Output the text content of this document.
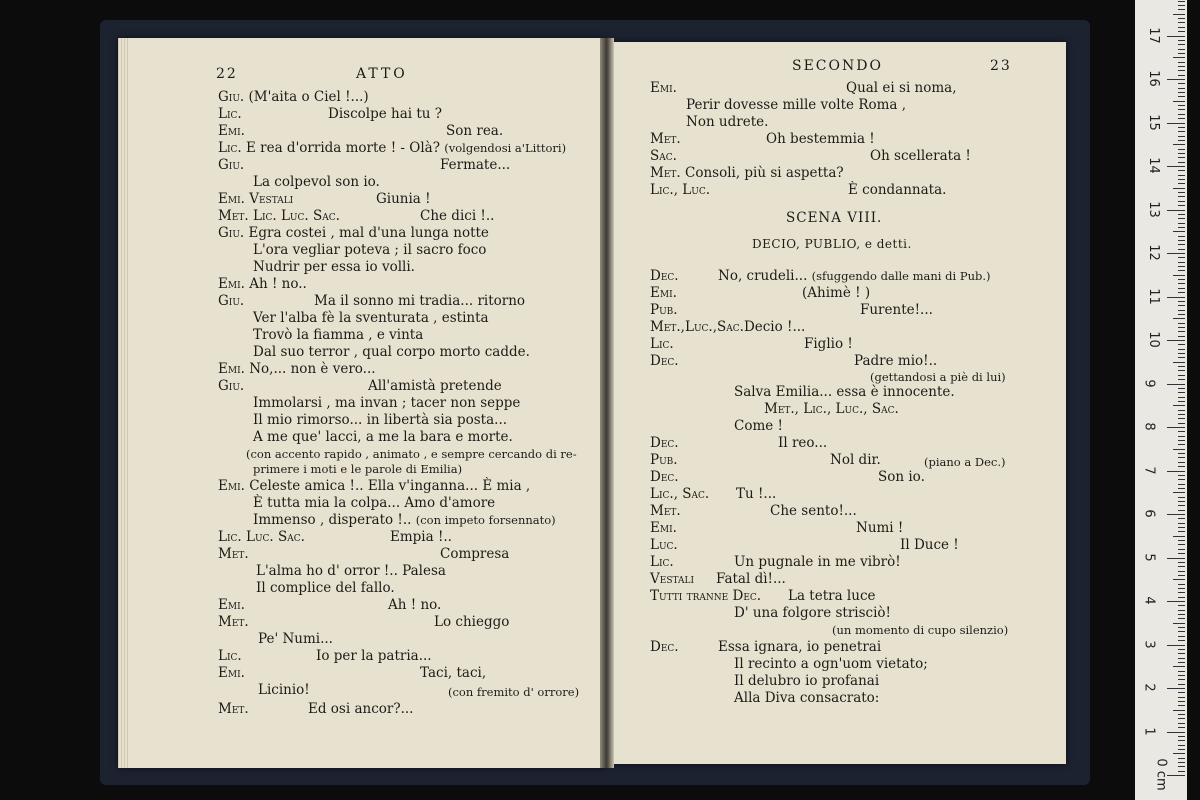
22	ATTO
Giu. (M'aita o Ciel !...)
Lic.	Discolpe hai tu ?
Emi.	Son rea.
Lic. E rea d'orrida morte ! - Olà? (volgendosi a'Littori)
Giu.	Fermate...
La colpevol son io.
Emi. Vestali	Giunia !
Met. Lic. Luc. Sac.	Che dici !..
Giu. Egra costei , mal d'una lunga notte
L'ora vegliar poteva ; il sacro foco
Nudrir per essa io volli.
Emi. Ah ! no..
Giu.	Ma il sonno mi tradia... ritorno
Ver l'alba fè la sventurata , estinta
Trovò la fiamma , e vinta
Dal suo terror , qual corpo morto cadde.
Emi. No,... non è vero...
Giu.	All'amistà pretende
Immolarsi , ma invan ; tacer non seppe
Il mio rimorso... in libertà sia posta...
A me que' lacci, a me la bara e morte.
(con accento rapido , animato , e sempre cercando di re-
primere i moti e le parole di Emilia)
Emi. Celeste amica !.. Ella v'inganna... È mia ,
È tutta mia la colpa... Amo d'amore
Immenso , disperato !.. (con impeto forsennato)
Lic. Luc. Sac.	Empia !..
Met.	Compresa
L'alma ho d' orror !.. Palesa
Il complice del fallo.
Emi.	Ah ! no.
Met.	Lo chieggo
Pe' Numi...
Lic.	Io per la patria...
Emi.	Taci, taci,
Licinio!	(con fremito d' orrore)
Met.	Ed osi ancor?...
SECONDO	23
Emi.	Qual ei si noma,
Perir dovesse mille volte Roma ,
Non udrete.
Met.	Oh bestemmia !
Sac.	Oh scellerata !
Met. Consoli, più si aspetta?
Lic., Luc.	È condannata.
SCENA VIII.
DECIO, PUBLIO, e detti.
Dec.	No, crudeli... (sfuggendo dalle mani di Pub.)
Emi.	(Ahimè ! )
Pub.	Furente!...
Met.,Luc.,Sac.Decio !...
Lic.	Figlio !
Dec.	Padre mio!..
(gettandosi a piè di lui)
Salva Emilia... essa è innocente.
Met., Lic., Luc., Sac.
Come !
Dec.	Il reo...
Pub.	Nol dir.	(piano a Dec.)
Dec.	Son io.
Lic., Sac. Tu !...
Met.	Che sento!...
Emi.	Numi !
Luc.	Il Duce !
Lic.	Un pugnale in me vibrò!
Vestali Fatal dì!...
Tutti tranne Dec. La tetra luce
D' una folgore strisciò!
(un momento di cupo silenzio)
Dec.	Essa ignara, io penetrai
Il recinto a ogn'uom vietato;
Il delubro io profanai
Alla Diva consacrato:
17
16
15
14
13
12
11
10
9
8
7
6
5
4
3
2
1
0 cm
